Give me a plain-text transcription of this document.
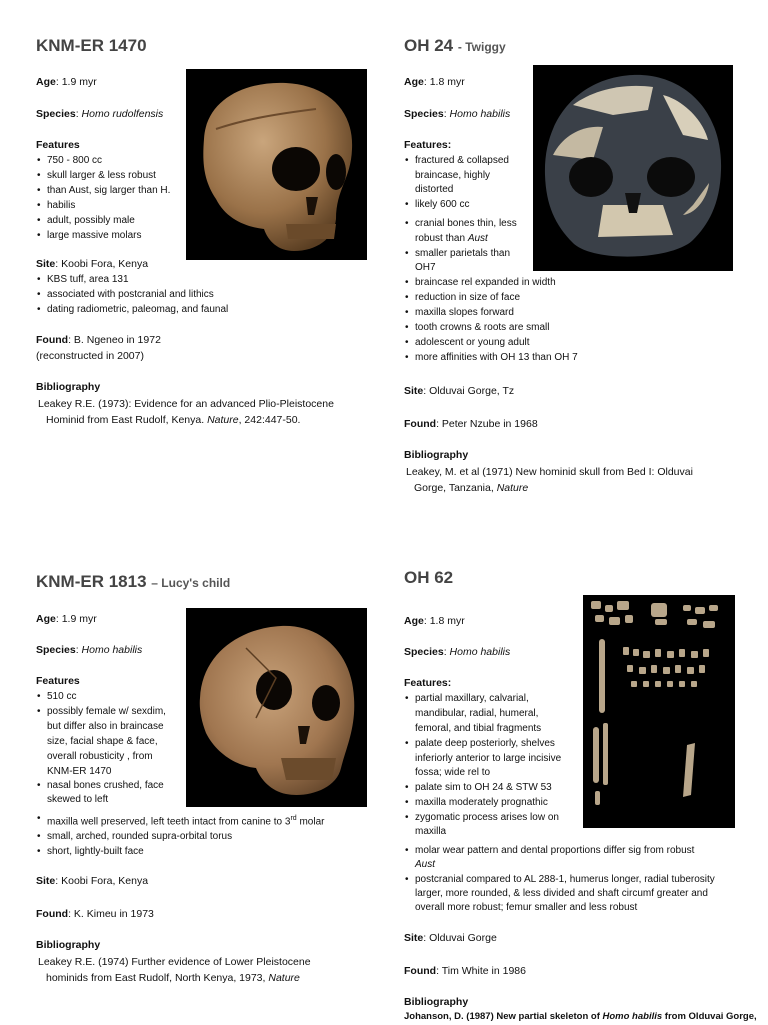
KNM-ER 1470
Age: 1.9 myr
Species: Homo rudolfensis
Features
• 750 - 800 cc
• skull larger & less robust
• than Aust, sig larger than H.
• habilis
• adult, possibly male
• large massive molars
Site: Koobi Fora, Kenya
• KBS tuff, area 131
• associated with postcranial and lithics
• dating radiometric, paleomag, and faunal
Found: B. Ngeneo in 1972
(reconstructed in 2007)
Bibliography
Leakey R.E. (1973): Evidence for an advanced Plio-Pleistocene
Hominid from East Rudolf, Kenya. Nature, 242:447-50.
OH 24 - Twiggy
Age: 1.8 myr
Species: Homo habilis
Features:
• fractured & collapsed
braincase, highly
distorted
• likely 600 cc
• cranial bones thin, less
robust than Aust
• smaller parietals than
OH7
• braincase rel expanded in width
• reduction in size of face
• maxilla slopes forward
• tooth crowns & roots are small
• adolescent or young adult
• more affinities with OH 13 than OH 7
Site: Olduvai Gorge, Tz
Found: Peter Nzube in 1968
Bibliography
Leakey, M. et al (1971) New hominid skull from Bed I: Olduvai
Gorge, Tanzania, Nature
KNM-ER 1813 – Lucy's child
Age: 1.9 myr
Species: Homo habilis
Features
• 510 cc
• possibly female w/ sexdim,
but differ also in braincase
size, facial shape & face,
overall robusticity , from
KNM-ER 1470
• nasal bones crushed, face
skewed to left
• maxilla well preserved, left teeth intact from canine to 3rd molar
• small, arched, rounded supra-orbital torus
• short, lightly-built face
Site: Koobi Fora, Kenya
Found: K. Kimeu in 1973
Bibliography
Leakey R.E. (1974) Further evidence of Lower Pleistocene
hominids from East Rudolf, North Kenya, 1973, Nature
OH 62
Age: 1.8 myr
Species: Homo habilis
Features:
• partial maxillary, calvarial,
mandibular, radial, humeral,
femoral, and tibial fragments
• palate deep posteriorly, shelves
inferiorly anterior to large incisive
fossa; wide rel to
• palate sim to OH 24 & STW 53
• maxilla moderately prognathic
• zygomatic process arises low on
maxilla
• molar wear pattern and dental proportions differ sig from robust
Aust
• postcranial compared to AL 288-1, humerus longer, radial tuberosity
larger, more rounded, & less divided and shaft circumf greater and
overall more robust; femur smaller and less robust
Site: Olduvai Gorge
Found: Tim White in 1986
Bibliography
Johanson, D. (1987) New partial skeleton of Homo habilis from Olduvai Gorge,
